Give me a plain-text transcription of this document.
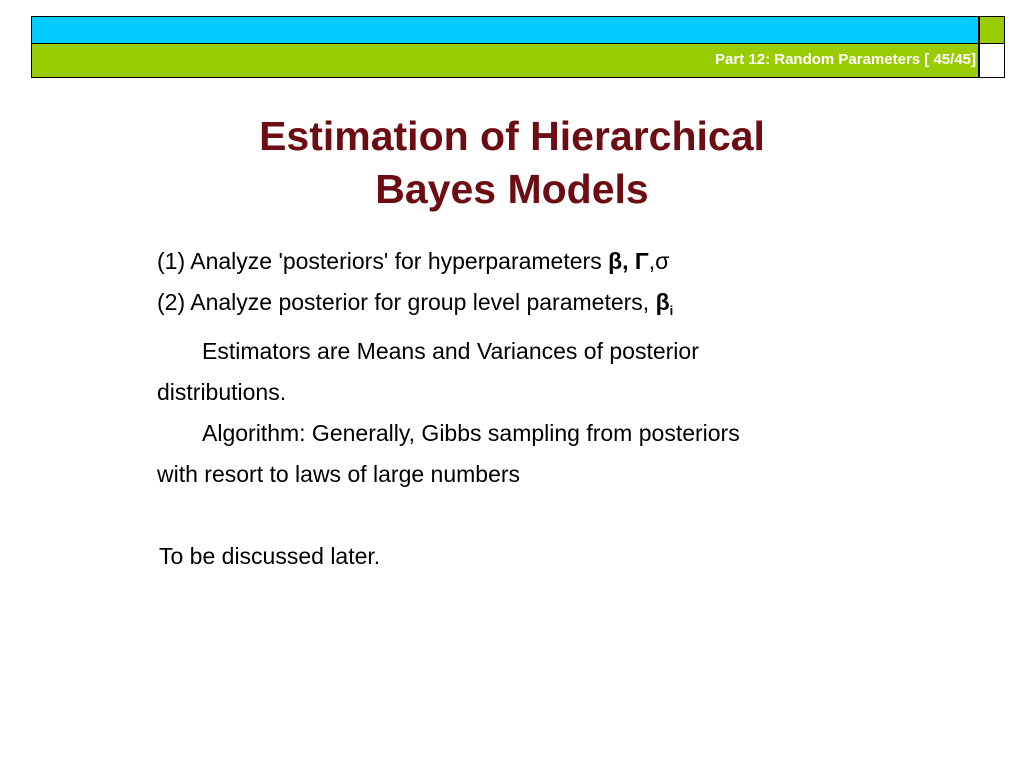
Part 12: Random Parameters [ 45/45]
Estimation of Hierarchical
Bayes Models
(1) Analyze 'posteriors' for hyperparameters β, Γ,σ
(2) Analyze posterior for group level parameters, $\beta_i$
Estimators are Means and Variances of posterior
distributions.
Algorithm: Generally, Gibbs sampling from posteriors
with resort to laws of large numbers
To be discussed later.
